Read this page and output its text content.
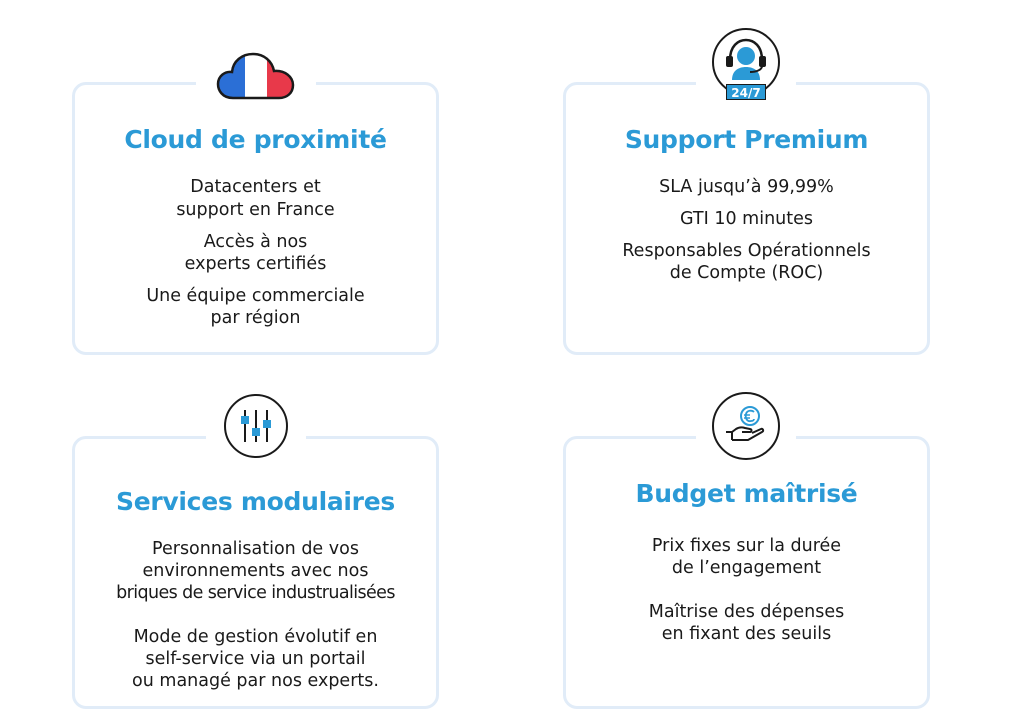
Cloud de proximité
Datacenters et
support en France
Accès à nos
experts certifiés
Une équipe commerciale
par région
Support Premium
SLA jusqu’à 99,99%
GTI 10 minutes
Responsables Opérationnels
de Compte (ROC)
24/7
Services modulaires
Personnalisation de vos
environnements avec nos
briques de service industrualisées
Mode de gestion évolutif en
self-service via un portail
ou managé par nos experts.
Budget maîtrisé
Prix fixes sur la durée
de l’engagement
Maîtrise des dépenses
en fixant des seuils
